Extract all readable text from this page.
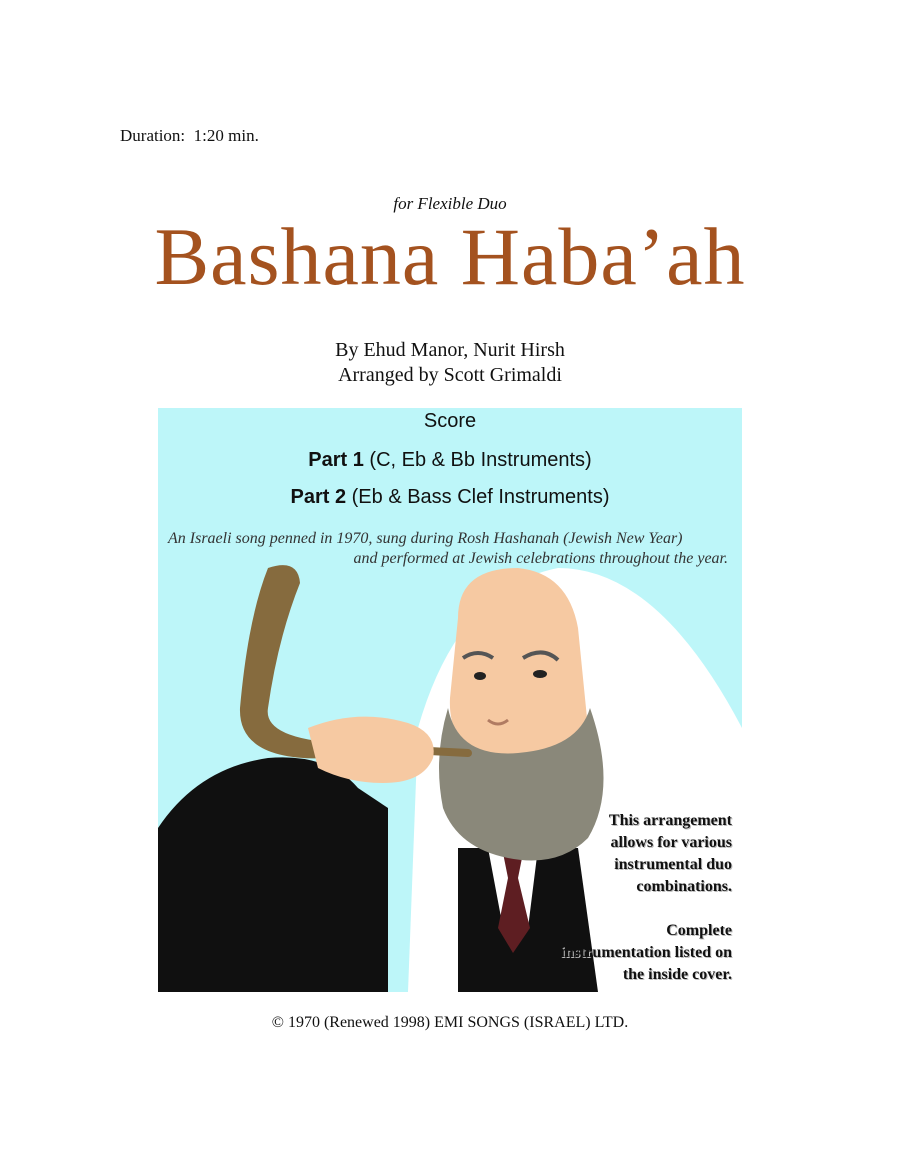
Duration:  1:20 min.
for Flexible Duo
Bashana Haba’ah
By Ehud Manor, Nurit Hirsh
Arranged by Scott Grimaldi
Score
Part 1 (C, Eb & Bb Instruments)
Part 2 (Eb & Bass Clef Instruments)
An Israeli song penned in 1970, sung during Rosh Hashanah (Jewish New Year)
and performed at Jewish celebrations throughout the year.
This arrangement
allows for various
instrumental duo
combinations.
Complete
instrumentation listed on
the inside cover.
© 1970 (Renewed 1998) EMI SONGS (ISRAEL) LTD.
